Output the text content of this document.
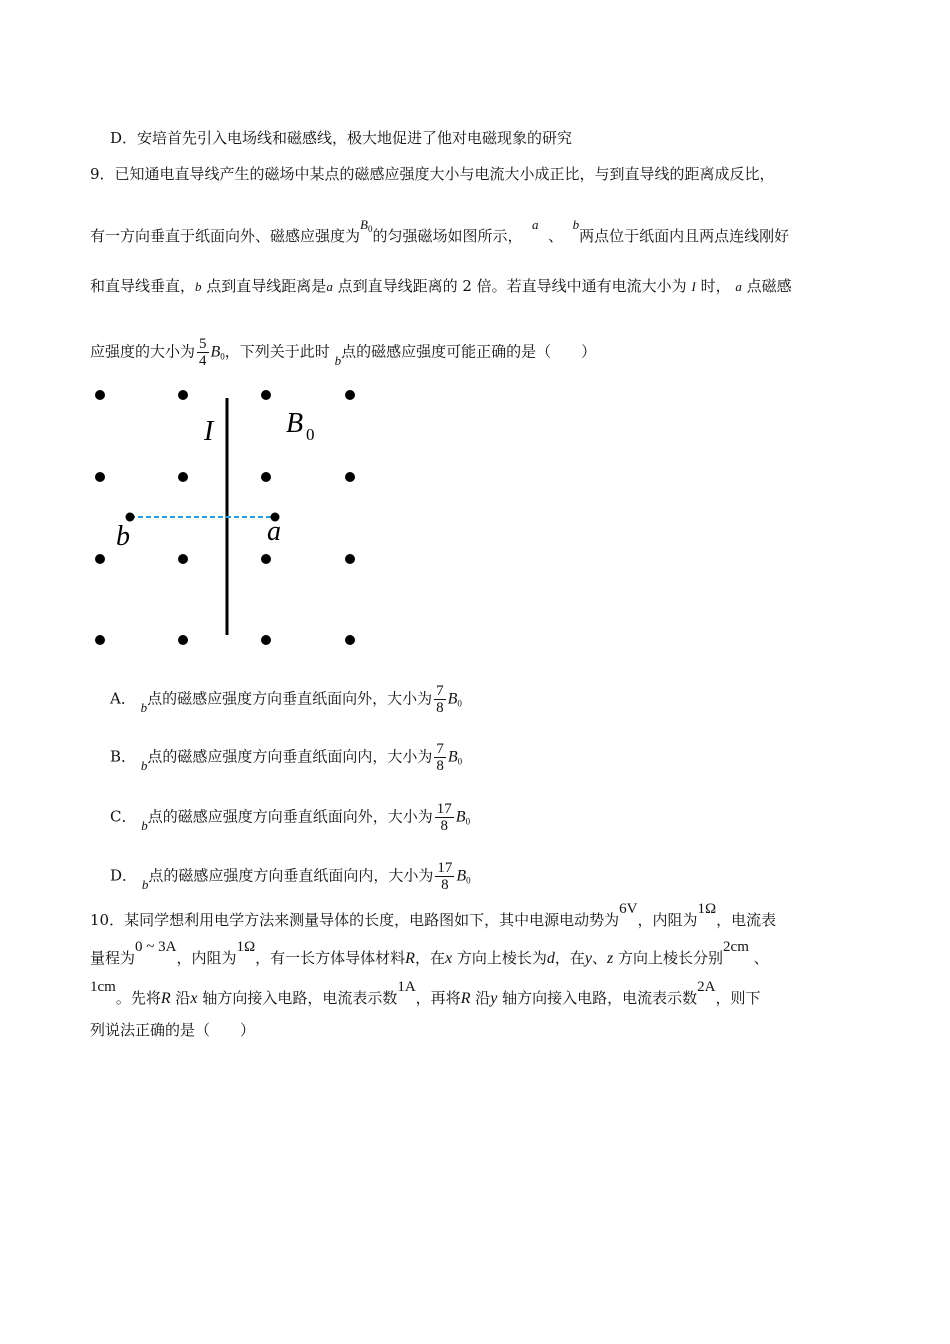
D．安培首先引入电场线和磁感线，极大地促进了他对电磁现象的研究
9．已知通电直导线产生的磁场中某点的磁感应强度大小与电流大小成正比，与到直导线的距离成反比，
有一方向垂直于纸面向外、磁感应强度为$B_0$的匀强磁场如图所示，  a  、  b两点位于纸面内且两点连线刚好
和直导线垂直，b 点到直导线距离是a 点到直导线距离的 2 倍。若直导线中通有电流大小为 I 时， a 点磁感
应强度的大小为 $\frac{5}{4} B_0$，下列关于此时 b点的磁感应强度可能正确的是（　　）
I	B 0
b	a
A． b点的磁感应强度方向垂直纸面向外，大小为 $\frac{7}{8} B_0$
B． b点的磁感应强度方向垂直纸面向内，大小为 $\frac{7}{8} B_0$
C． b点的磁感应强度方向垂直纸面向外，大小为 $\frac{17}{8} B_0$
D． b点的磁感应强度方向垂直纸面向内，大小为 $\frac{17}{8} B_0$
10．某同学想利用电学方法来测量导体的长度，电路图如下，其中电源电动势为6V，内阻为1Ω，电流表
量程为0 ~ 3A，内阻为1Ω，有一长方体导体材料R，在x 方向上棱长为d，在y、z 方向上棱长分别2cm 、
1cm。先将R 沿x 轴方向接入电路，电流表示数1A，再将R 沿y 轴方向接入电路，电流表示数2A，则下
列说法正确的是（　　）
